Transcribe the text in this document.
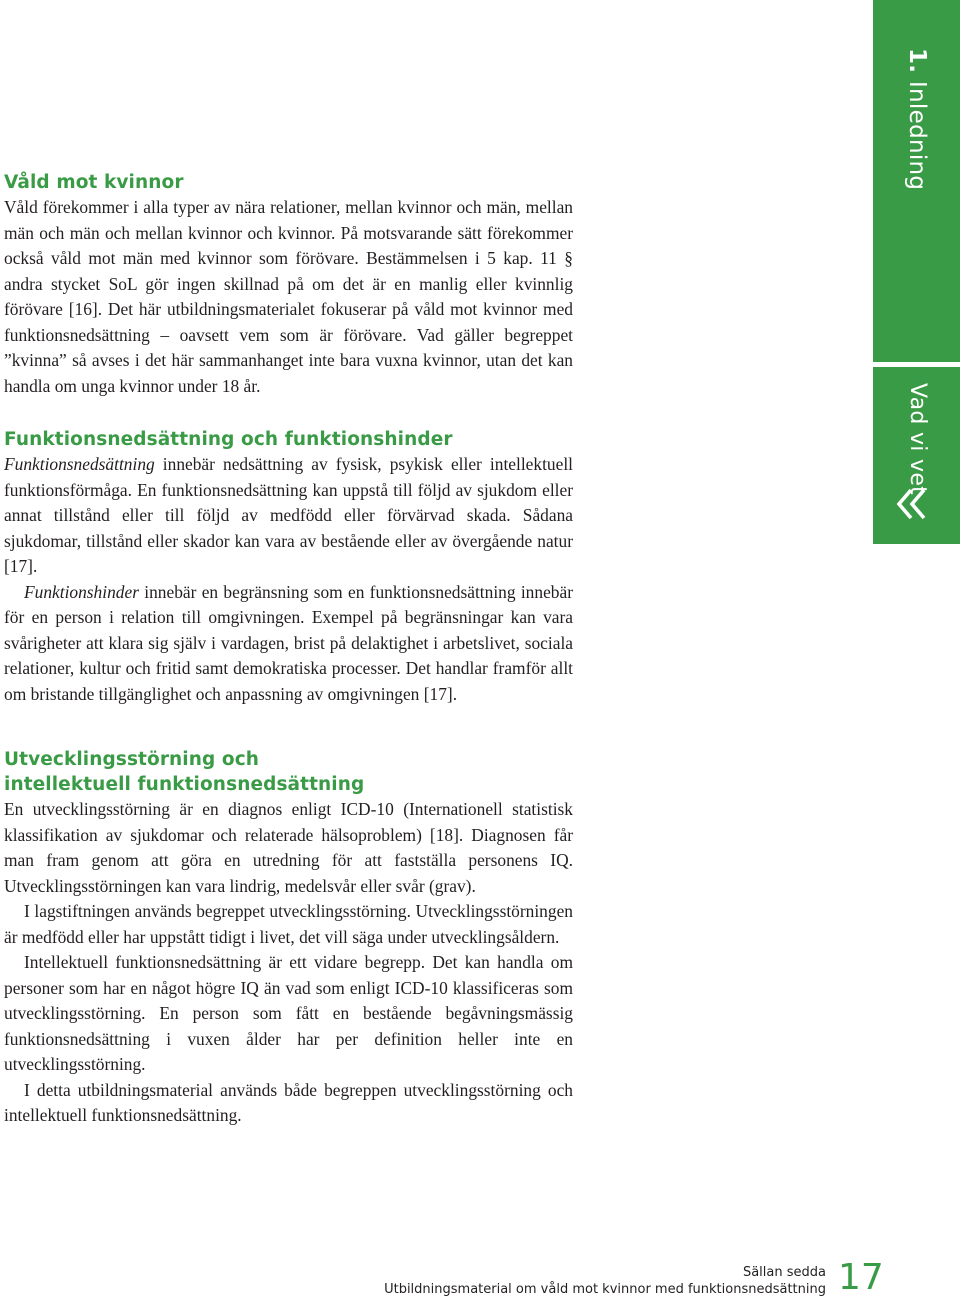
1. Inledning
Vad vi vet
Våld mot kvinnor

Våld förekommer i alla typer av nära relationer, mellan kvinnor och män, mellan män och män och mellan kvinnor och kvinnor. På motsvarande sätt förekommer också våld mot män med kvinnor som förövare. Bestämmelsen i 5 kap. 11 § andra stycket SoL gör ingen skillnad på om det är en manlig eller kvinnlig förövare [16]. Det här utbildningsmaterialet fokuserar på våld mot kvinnor med funktionsnedsättning – oavsett vem som är förövare. Vad gäller begreppet ”kvinna” så avses i det här sammanhanget inte bara vuxna kvinnor, utan det kan handla om unga kvinnor under 18 år.

Funktionsnedsättning och funktionshinder

Funktionsnedsättning innebär nedsättning av fysisk, psykisk eller intellektuell funktionsförmåga. En funktionsnedsättning kan uppstå till följd av sjukdom eller annat tillstånd eller till följd av medfödd eller förvärvad skada. Sådana sjukdomar, tillstånd eller skador kan vara av bestående eller av övergående natur [17].

Funktionshinder innebär en begränsning som en funktionsnedsättning innebär för en person i relation till omgivningen. Exempel på begränsningar kan vara svårigheter att klara sig själv i vardagen, brist på delaktighet i arbetslivet, sociala relationer, kultur och fritid samt demokratiska processer. Det handlar framför allt om bristande tillgänglighet och anpassning av omgivningen [17].

Utvecklingsstörning och
intellektuell funktionsnedsättning

En utvecklingsstörning är en diagnos enligt ICD-10 (Internationell statistisk klassifikation av sjukdomar och relaterade hälsoproblem) [18]. Diagnosen får man fram genom att göra en utredning för att fastställa personens IQ. Utvecklingsstörningen kan vara lindrig, medelsvår eller svår (grav).

I lagstiftningen används begreppet utvecklingsstörning. Utvecklingsstörningen är medfödd eller har uppstått tidigt i livet, det vill säga under utvecklingsåldern.

Intellektuell funktionsnedsättning är ett vidare begrepp. Det kan handla om personer som har en något högre IQ än vad som enligt ICD-10 klassificeras som utvecklingsstörning. En person som fått en bestående begåvningsmässig funktionsnedsättning i vuxen ålder har per definition heller inte en utvecklingsstörning.

I detta utbildningsmaterial används både begreppen utvecklingsstörning och intellektuell funktionsnedsättning.

Sällan sedda
Utbildningsmaterial om våld mot kvinnor med funktionsnedsättning 17
